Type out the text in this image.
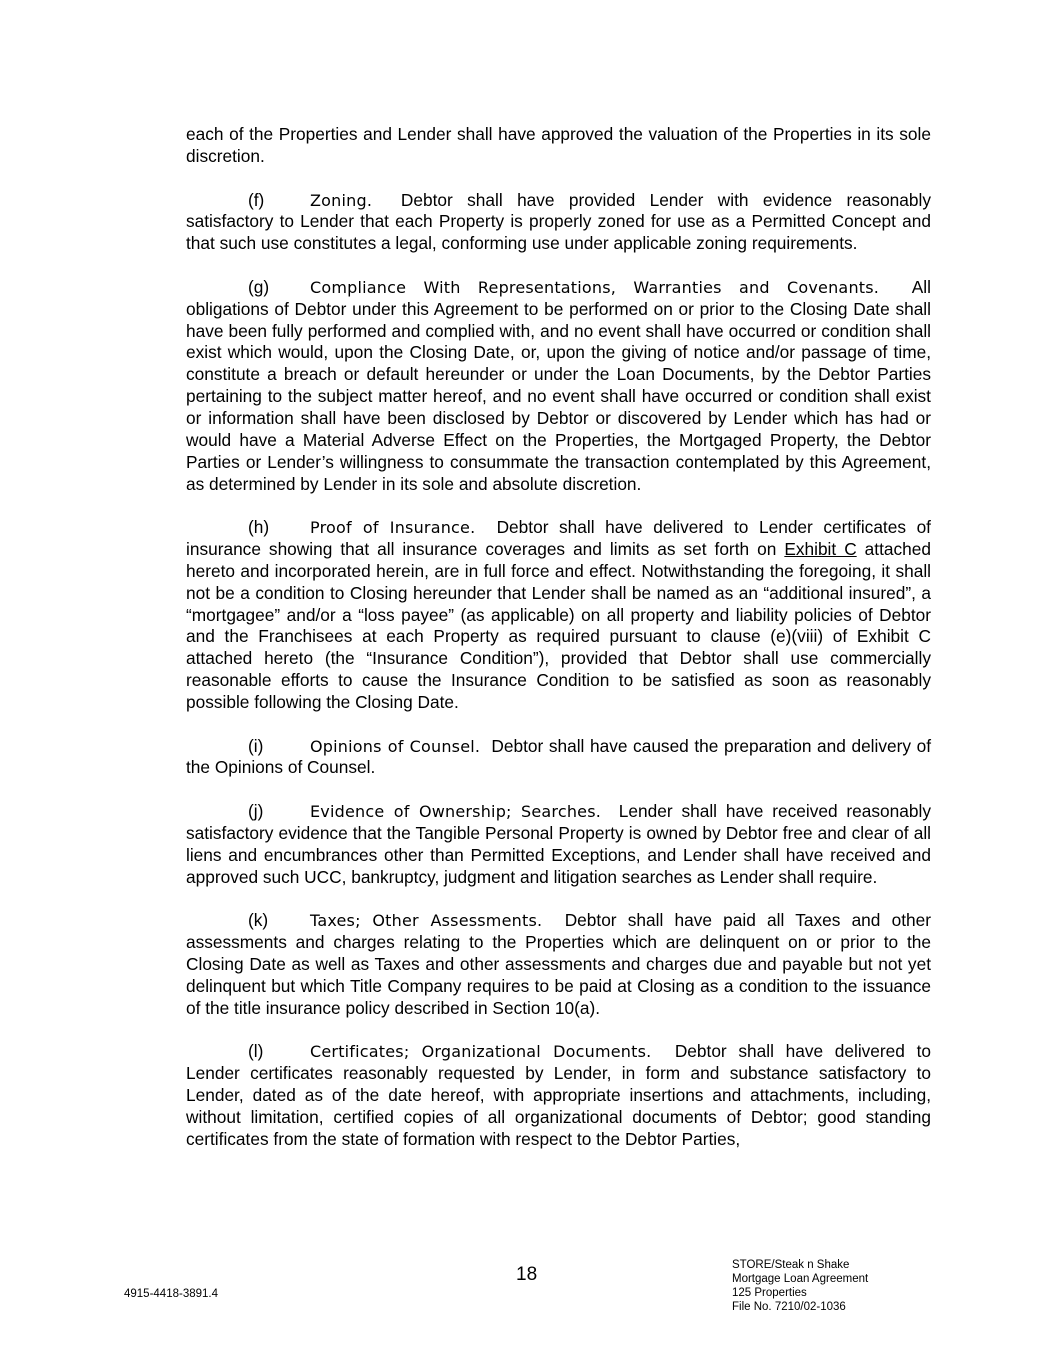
each of the Properties and Lender shall have approved the valuation of the Properties in its sole discretion.

(f)	Zoning. Debtor shall have provided Lender with evidence reasonably satisfactory to Lender that each Property is properly zoned for use as a Permitted Concept and that such use constitutes a legal, conforming use under applicable zoning requirements.

(g)	Compliance With Representations, Warranties and Covenants. All obligations of Debtor under this Agreement to be performed on or prior to the Closing Date shall have been fully performed and complied with, and no event shall have occurred or condition shall exist which would, upon the Closing Date, or, upon the giving of notice and/or passage of time, constitute a breach or default hereunder or under the Loan Documents, by the Debtor Parties pertaining to the subject matter hereof, and no event shall have occurred or condition shall exist or information shall have been disclosed by Debtor or discovered by Lender which has had or would have a Material Adverse Effect on the Properties, the Mortgaged Property, the Debtor Parties or Lender’s willingness to consummate the transaction contemplated by this Agreement, as determined by Lender in its sole and absolute discretion.

(h)	Proof of Insurance. Debtor shall have delivered to Lender certificates of insurance showing that all insurance coverages and limits as set forth on Exhibit C attached hereto and incorporated herein, are in full force and effect. Notwithstanding the foregoing, it shall not be a condition to Closing hereunder that Lender shall be named as an “additional insured”, a “mortgagee” and/or a “loss payee” (as applicable) on all property and liability policies of Debtor and the Franchisees at each Property as required pursuant to clause (e)(viii) of Exhibit C attached hereto (the “Insurance Condition”), provided that Debtor shall use commercially reasonable efforts to cause the Insurance Condition to be satisfied as soon as reasonably possible following the Closing Date.

(i)	Opinions of Counsel. Debtor shall have caused the preparation and delivery of the Opinions of Counsel.

(j)	Evidence of Ownership; Searches. Lender shall have received reasonably satisfactory evidence that the Tangible Personal Property is owned by Debtor free and clear of all liens and encumbrances other than Permitted Exceptions, and Lender shall have received and approved such UCC, bankruptcy, judgment and litigation searches as Lender shall require.

(k)	Taxes; Other Assessments. Debtor shall have paid all Taxes and other assessments and charges relating to the Properties which are delinquent on or prior to the Closing Date as well as Taxes and other assessments and charges due and payable but not yet delinquent but which Title Company requires to be paid at Closing as a condition to the issuance of the title insurance policy described in Section 10(a).

(l)	Certificates; Organizational Documents. Debtor shall have delivered to Lender certificates reasonably requested by Lender, in form and substance satisfactory to Lender, dated as of the date hereof, with appropriate insertions and attachments, including, without limitation, certified copies of all organizational documents of Debtor; good standing certificates from the state of formation with respect to the Debtor Parties,

18
4915-4418-3891.4
STORE/Steak n Shake
Mortgage Loan Agreement
125 Properties
File No. 7210/02-1036
